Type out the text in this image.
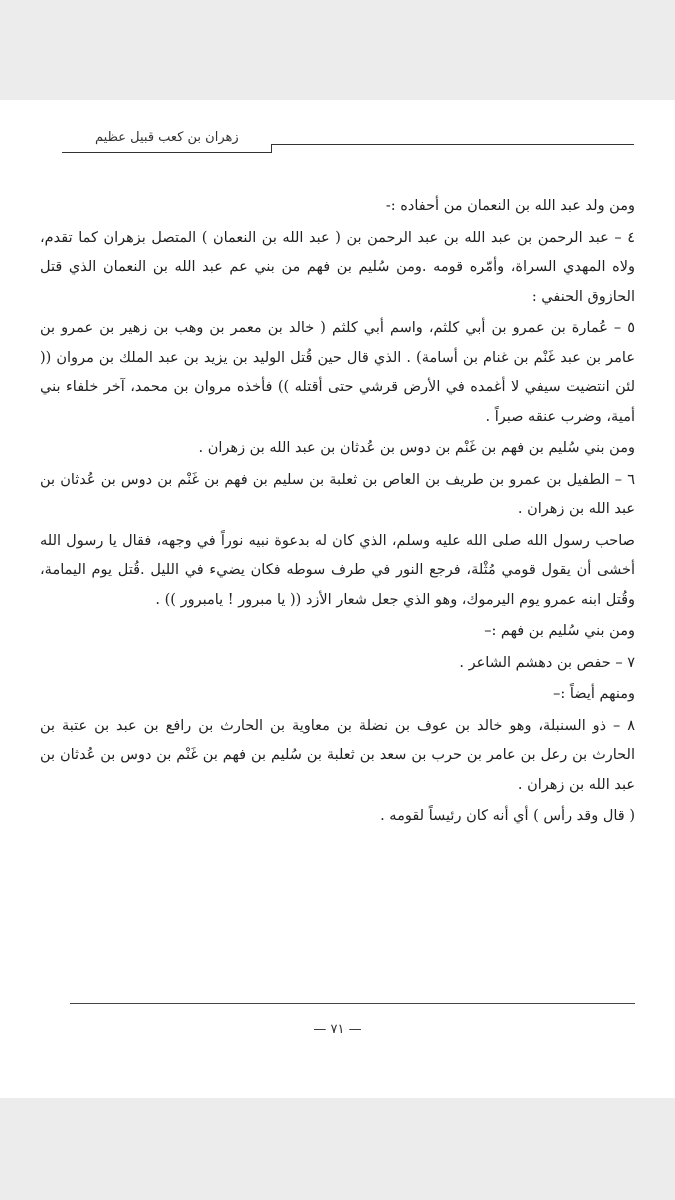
زهران بن كعب قبيل عظيم

ومن ولد عبد الله بن النعمان من أحفاده :-

٤ – عبد الرحمن بن عبد الله بن عبد الرحمن بن ( عبد الله بن النعمان ) المتصل بزهران كما تقدم، ولاه المهدي السراة، وأمّره قومه .ومن سُليم بن فهم من بني عم عبد الله بن النعمان الذي قتل الحازوق الحنفي :

٥ – عُمارة بن عمرو بن أبي كلثم، واسم أبي كلثم ( خالد بن معمر بن وهب بن زهير بن عمرو بن عامر بن عبد غَنْم بن غنام بن أسامة) . الذي قال حين قُتل الوليد بن يزيد بن عبد الملك بن مروان (( لئن انتضيت سيفي لا أغمده في الأرض قرشي حتى أقتله )) فأخذه مروان بن محمد، آخر خلفاء بني أمية، وضرب عنقه صبراً .

ومن بني سُليم بن فهم بن غَنْم بن دوس بن عُدثان بن عبد الله بن زهران .

٦ – الطفيل بن عمرو بن طريف بن العاص بن ثعلبة بن سليم بن فهم بن غَنْم بن دوس بن عُدثان بن عبد الله بن زهران .

صاحب رسول الله صلى الله عليه وسلم، الذي كان له بدعوة نبيه نوراً في وجهه، فقال يا رسول الله أخشى أن يقول قومي مُثْلة، فرجع النور في طرف سوطه فكان يضيء في الليل .قُتل يوم اليمامة، وقُتل ابنه عمرو يوم اليرموك، وهو الذي جعل شعار الأزد (( يا مبرور ! يامبرور )) .

ومن بني سُليم بن فهم :–

٧ – حفص بن دهشم الشاعر .

ومنهم أيضاً :–

٨ – ذو السنبلة، وهو خالد بن عوف بن نضلة بن معاوية بن الحارث بن رافع بن عبد بن عتبة بن الحارث بن رعل بن عامر بن حرب بن سعد بن ثعلبة بن سُليم بن فهم بن غَنْم بن دوس بن عُدثان بن عبد الله بن زهران .

( قال وقد رأس ) أي أنه كان رئيساً لقومه .

— ٧١ —
